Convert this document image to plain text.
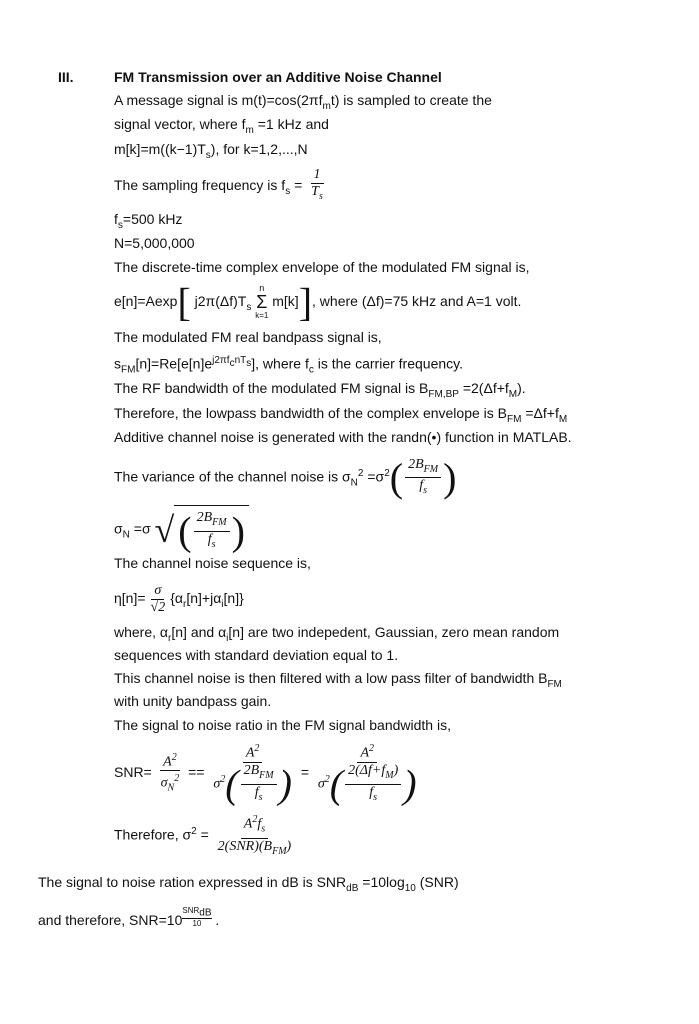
III.	FM Transmission over an Additive Noise Channel
A message signal is $m(t)=\cos(2\pi f_mt)$ is sampled to create the
signal vector, where $f_m =1$ kHz and
$m[k]=m((k-1)T_s)$, for k=1,2,...,N
The sampling frequency is $f_s = \frac{1}{T_s}$
$f_s=500$ kHz
N=5,000,000
The discrete-time complex envelope of the modulated FM signal is,
e[n]=Aexp[ $j2\pi(\Delta f)T_s$
n
Σ
k=1
m[k]], where (Δf)=75 kHz and A=1 volt.
The modulated FM real bandpass signal is,
$s_{FM}[n]=Re[e[n]e^{j2\pi f_cnT_s}]$, where $f_c$ is the carrier frequency.
The RF bandwidth of the modulated FM signal is $B_{FM,BP} =2(\Delta f+f_M)$.
Therefore, the lowpass bandwidth of the complex envelope is $B_{FM} =\Delta f+f_M$
Additive channel noise is generated with the randn(•) function in MATLAB.
The variance of the channel noise is $\sigma_N^2 =\sigma^2( \frac{2B_{FM}}{f_s}$ )
$\sigma_N =\sigma$ √ ( $\frac{2B_{FM}}{f_s}$ )
The channel noise sequence is,
$\eta[n]= \frac{\sigma}{√2} \{\alpha_r[n]+j\alpha_i[n]\}$
where, $\alpha_r[n]$ and $\alpha_i[n]$ are two indepedent, Gaussian, zero mean random
sequences with standard deviation equal to 1.
This channel noise is then filtered with a low pass filter of bandwidth $B_{FM}$
with unity bandpass gain.
The signal to noise ratio in the FM signal bandwidth is,
$SNR= \frac{A^2}{\sigma_N^2} == \frac{A^2}{\sigma^2( \frac{2B_{FM}}{f_s} )} = \frac{A^2}{\sigma^2( \frac{2(\Delta f+f_M)}{f_s} )}$
Therefore, $\sigma^2 = \frac{A^2f_s}{2(SNR)(B_{FM})}$
The signal to noise ration expressed in dB is $SNR_{dB} =10\log_{10}$ (SNR)
and therefore, SNR=10
$^{SNR_{dB} 10}$ .
